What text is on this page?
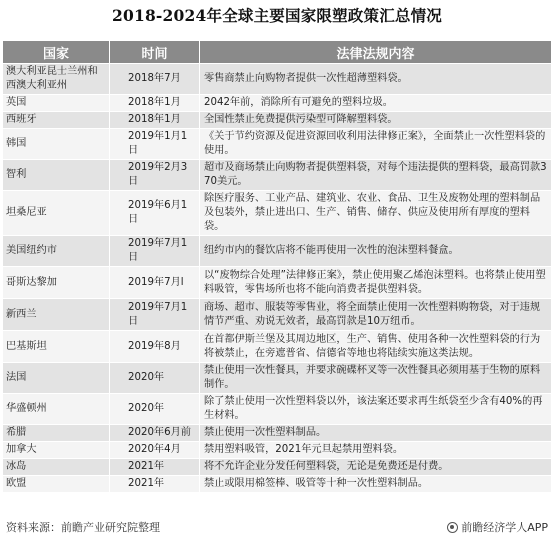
2018-2024年全球主要国家限塑政策汇总情况
国家	时间	法律法规内容
澳大利亚昆士兰州和西澳大利亚州	2018年7月	零售商禁止向购物者提供一次性超薄塑料袋。
英国	2018年1月	2042年前，消除所有可避免的塑料垃圾。
西班牙	2018年1月	全国性禁止免费提供污染型可降解塑料袋。
韩国	2019年1月1日	《关于节约资源及促进资源回收利用法律修正案》，全面禁止一次性塑料袋的使用。
智利	2019年2月3日	超市及商场禁止向购物者提供塑料袋，对每个违法提供的塑料袋，最高罚款370美元。
坦桑尼亚	2019年6月1日	除医疗服务、工业产品、建筑业、农业、食品、卫生及废物处理的塑料制品及包装外，禁止进出口、生产、销售、储存、供应及使用所有厚度的塑料袋。
美国纽约市	2019年7月1日	纽约市内的餐饮店将不能再使用一次性的泡沫塑料餐盒。
哥斯达黎加	2019年7月l	以“废物综合处理”法律修正案》，禁止使用聚乙烯泡沫塑料。也将禁止使用塑料吸管，零售场所也将不能向消费者提供塑料袋。
新西兰	2019年7月1日	商场、超市、服装等零售业，将全面禁止使用一次性塑料购物袋，对于违规情节严重、劝说无效者，最高罚款是10万纽币。
巴基斯坦	2019年8月	在首都伊斯兰堡及其周边地区，生产、销售、使用各种一次性塑料袋的行为将被禁止，在旁遮普省、信德省等地也将陆续实施这类法规。
法国	2020年	禁止使用一次性餐具，并要求碗碟杯叉等一次性餐具必须用基于生物的原料制作。
华盛顿州	2020年	除了禁止使用一次性塑料袋以外，该法案还要求再生纸袋至少含有40%的再生材料。
希腊	2020年6月前	禁止使用一次性塑料制品。
加拿大	2020年4月	禁用塑料吸管，2021年元旦起禁用塑料袋。
冰岛	2021年	将不允许企业分发任何塑料袋，无论是免费还是付费。
欧盟	2021年	禁止或限用棉签棒、吸管等十种一次性塑料制品。
资料来源：前瞻产业研究院整理	前瞻经济学人APP
